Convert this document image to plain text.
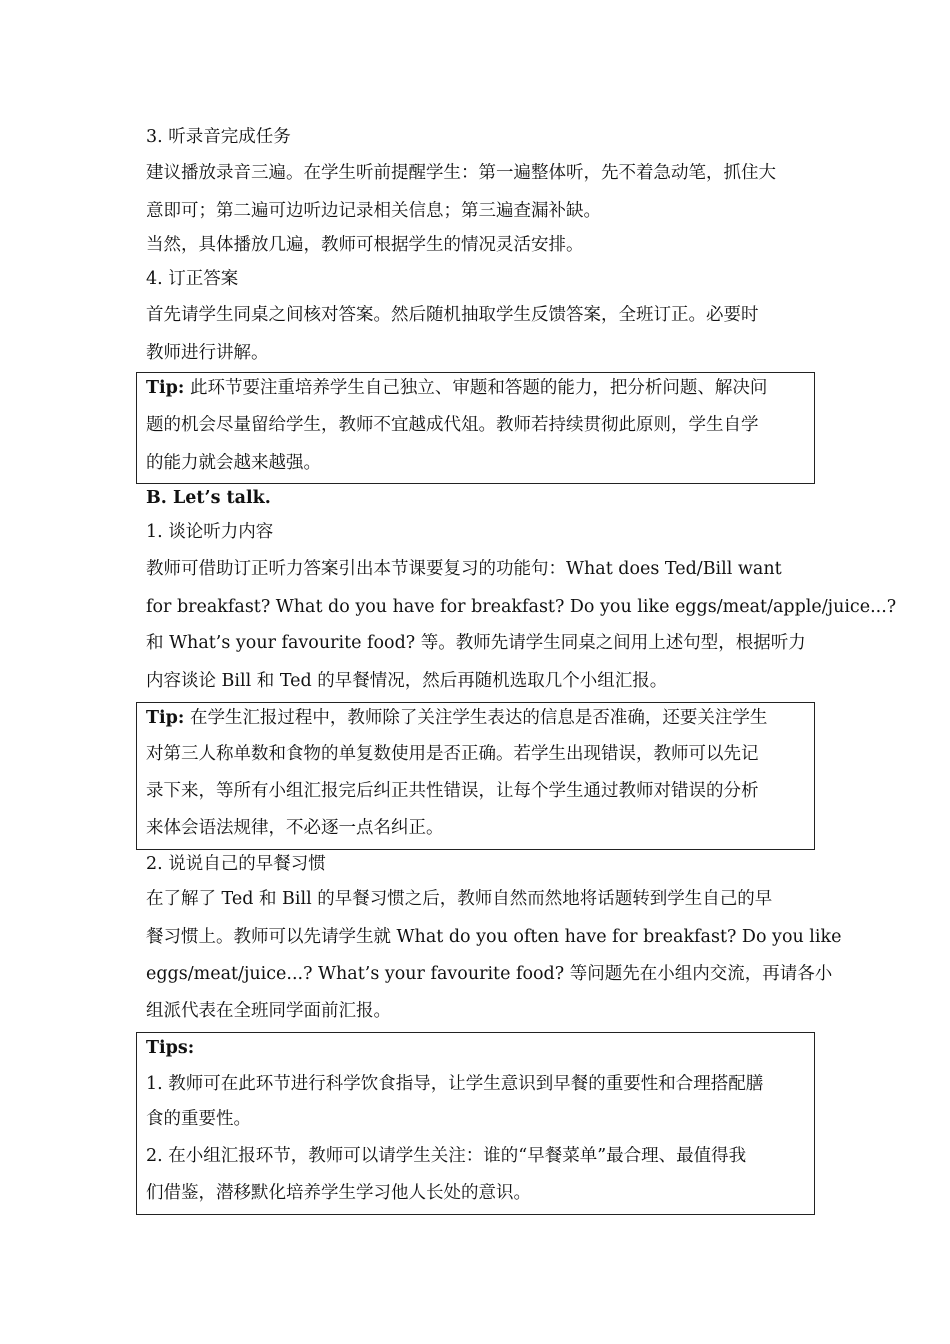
3. 听录音完成任务
建议播放录音三遍。在学生听前提醒学生：第一遍整体听，先不着急动笔，抓住大
意即可；第二遍可边听边记录相关信息；第三遍查漏补缺。
当然，具体播放几遍，教师可根据学生的情况灵活安排。
4. 订正答案
首先请学生同桌之间核对答案。然后随机抽取学生反馈答案，全班订正。必要时
教师进行讲解。
Tip: 此环节要注重培养学生自己独立、审题和答题的能力，把分析问题、解决问
题的机会尽量留给学生，教师不宜越成代俎。教师若持续贯彻此原则，学生自学
的能力就会越来越强。
B. Let’s talk.
1. 谈论听力内容
教师可借助订正听力答案引出本节课要复习的功能句：What does Ted/Bill want
for breakfast? What do you have for breakfast? Do you like eggs/meat/apple/juice...?
和 What’s your favourite food? 等。教师先请学生同桌之间用上述句型，根据听力
内容谈论 Bill 和 Ted 的早餐情况，然后再随机选取几个小组汇报。
Tip: 在学生汇报过程中，教师除了关注学生表达的信息是否准确，还要关注学生
对第三人称单数和食物的单复数使用是否正确。若学生出现错误，教师可以先记
录下来，等所有小组汇报完后纠正共性错误，让每个学生通过教师对错误的分析
来体会语法规律，不必逐一点名纠正。
2. 说说自己的早餐习惯
在了解了 Ted 和 Bill 的早餐习惯之后，教师自然而然地将话题转到学生自己的早
餐习惯上。教师可以先请学生就 What do you often have for breakfast? Do you like
eggs/meat/juice...? What’s your favourite food? 等问题先在小组内交流，再请各小
组派代表在全班同学面前汇报。
Tips:
1. 教师可在此环节进行科学饮食指导，让学生意识到早餐的重要性和合理搭配膳
食的重要性。
2. 在小组汇报环节，教师可以请学生关注：谁的“早餐菜单”最合理、最值得我
们借鉴，潜移默化培养学生学习他人长处的意识。
